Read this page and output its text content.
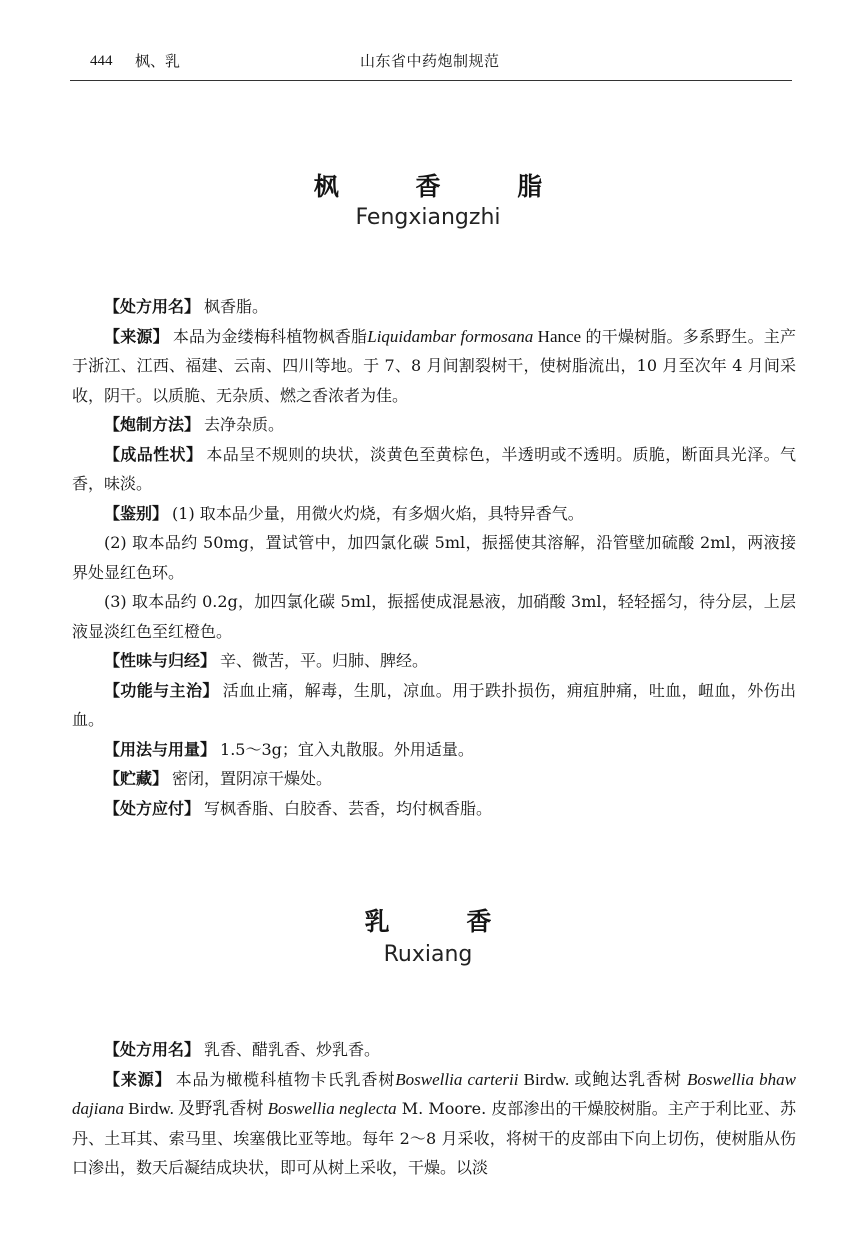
444 枫、乳	山东省中药炮制规范
枫 香 脂
Fengxiangzhi

【处方用名】 枫香脂。

【来源】 本品为金缕梅科植物枫香脂Liquidambar formosana Hance 的干燥树脂。多系野生。主产于浙江、江西、福建、云南、四川等地。于 7、8 月间割裂树干，使树脂流出，10 月至次年 4 月间采收，阴干。以质脆、无杂质、燃之香浓者为佳。

【炮制方法】 去净杂质。

【成品性状】 本品呈不规则的块状，淡黄色至黄棕色，半透明或不透明。质脆，断面具光泽。气香，味淡。

【鉴别】 (1) 取本品少量，用微火灼烧，有多烟火焰，具特异香气。

(2) 取本品约 50mg，置试管中，加四氯化碳 5ml，振摇使其溶解，沿管壁加硫酸 2ml，两液接界处显红色环。

(3) 取本品约 0.2g，加四氯化碳 5ml，振摇使成混悬液，加硝酸 3ml，轻轻摇匀，待分层，上层液显淡红色至红橙色。

【性味与归经】 辛、微苦，平。归肺、脾经。

【功能与主治】 活血止痛，解毒，生肌，凉血。用于跌扑损伤，痈疽肿痛，吐血，衄血，外伤出血。

【用法与用量】 1.5～3g；宜入丸散服。外用适量。

【贮藏】 密闭，置阴凉干燥处。

【处方应付】 写枫香脂、白胶香、芸香，均付枫香脂。

乳 香
Ruxiang

【处方用名】 乳香、醋乳香、炒乳香。

【来源】 本品为橄榄科植物卡氏乳香树Boswellia carterii Birdw. 或鲍达乳香树 Boswellia bhaw dajiana Birdw. 及野乳香树 Boswellia neglecta M. Moore. 皮部渗出的干燥胶树脂。主产于利比亚、苏丹、土耳其、索马里、埃塞俄比亚等地。每年 2～8 月采收，将树干的皮部由下向上切伤，使树脂从伤口渗出，数天后凝结成块状，即可从树上采收，干燥。以淡
